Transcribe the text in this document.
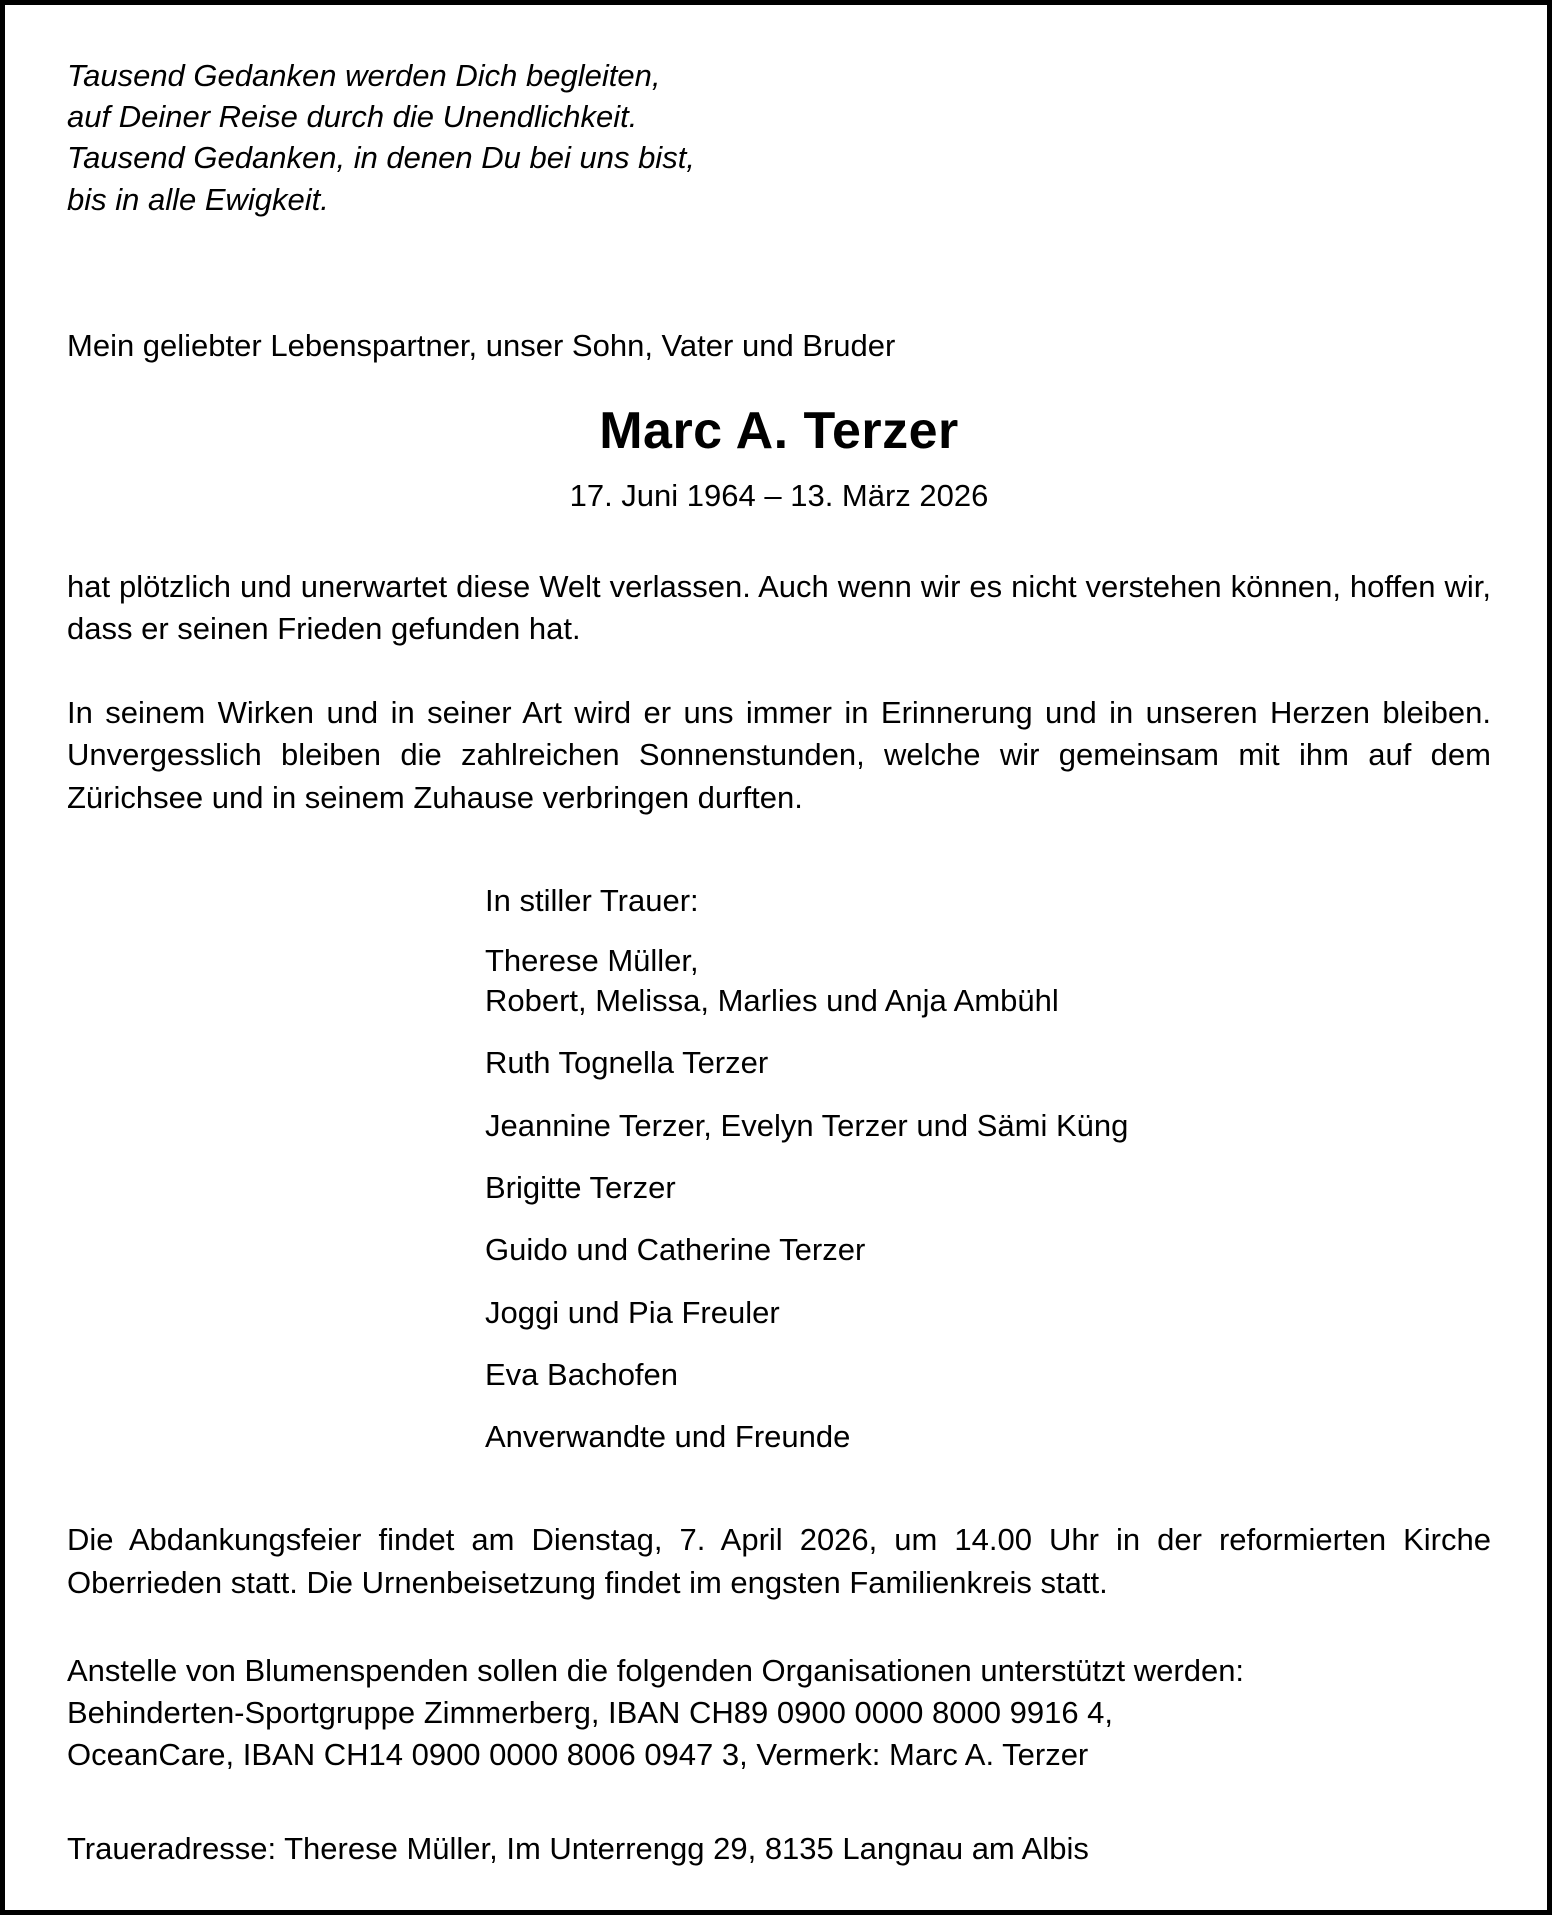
Tausend Gedanken werden Dich begleiten,
auf Deiner Reise durch die Unendlichkeit.
Tausend Gedanken, in denen Du bei uns bist,
bis in alle Ewigkeit.
Mein geliebter Lebenspartner, unser Sohn, Vater und Bruder
Marc A. Terzer
17. Juni 1964 – 13. März 2026

hat plötzlich und unerwartet diese Welt verlassen. Auch wenn wir es nicht verstehen können, hoffen wir, dass er seinen Frieden gefunden hat.

In seinem Wirken und in seiner Art wird er uns immer in Erinnerung und in unseren Herzen bleiben. Unvergesslich bleiben die zahlreichen Sonnenstunden, welche wir gemeinsam mit ihm auf dem Zürichsee und in seinem Zuhause verbringen durften.

In stiller Trauer:
Therese Müller,
Robert, Melissa, Marlies und Anja Ambühl
Ruth Tognella Terzer
Jeannine Terzer, Evelyn Terzer und Sämi Küng
Brigitte Terzer
Guido und Catherine Terzer
Joggi und Pia Freuler
Eva Bachofen
Anverwandte und Freunde

Die Abdankungsfeier findet am Dienstag, 7. April 2026, um 14.00 Uhr in der reformierten Kirche Oberrieden statt. Die Urnenbeisetzung findet im engsten Familienkreis statt.

Anstelle von Blumenspenden sollen die folgenden Organisationen unterstützt werden:
Behinderten-Sportgruppe Zimmerberg, IBAN CH89 0900 0000 8000 9916 4,
OceanCare, IBAN CH14 0900 0000 8006 0947 3, Vermerk: Marc A. Terzer
Traueradresse: Therese Müller, Im Unterrengg 29, 8135 Langnau am Albis
